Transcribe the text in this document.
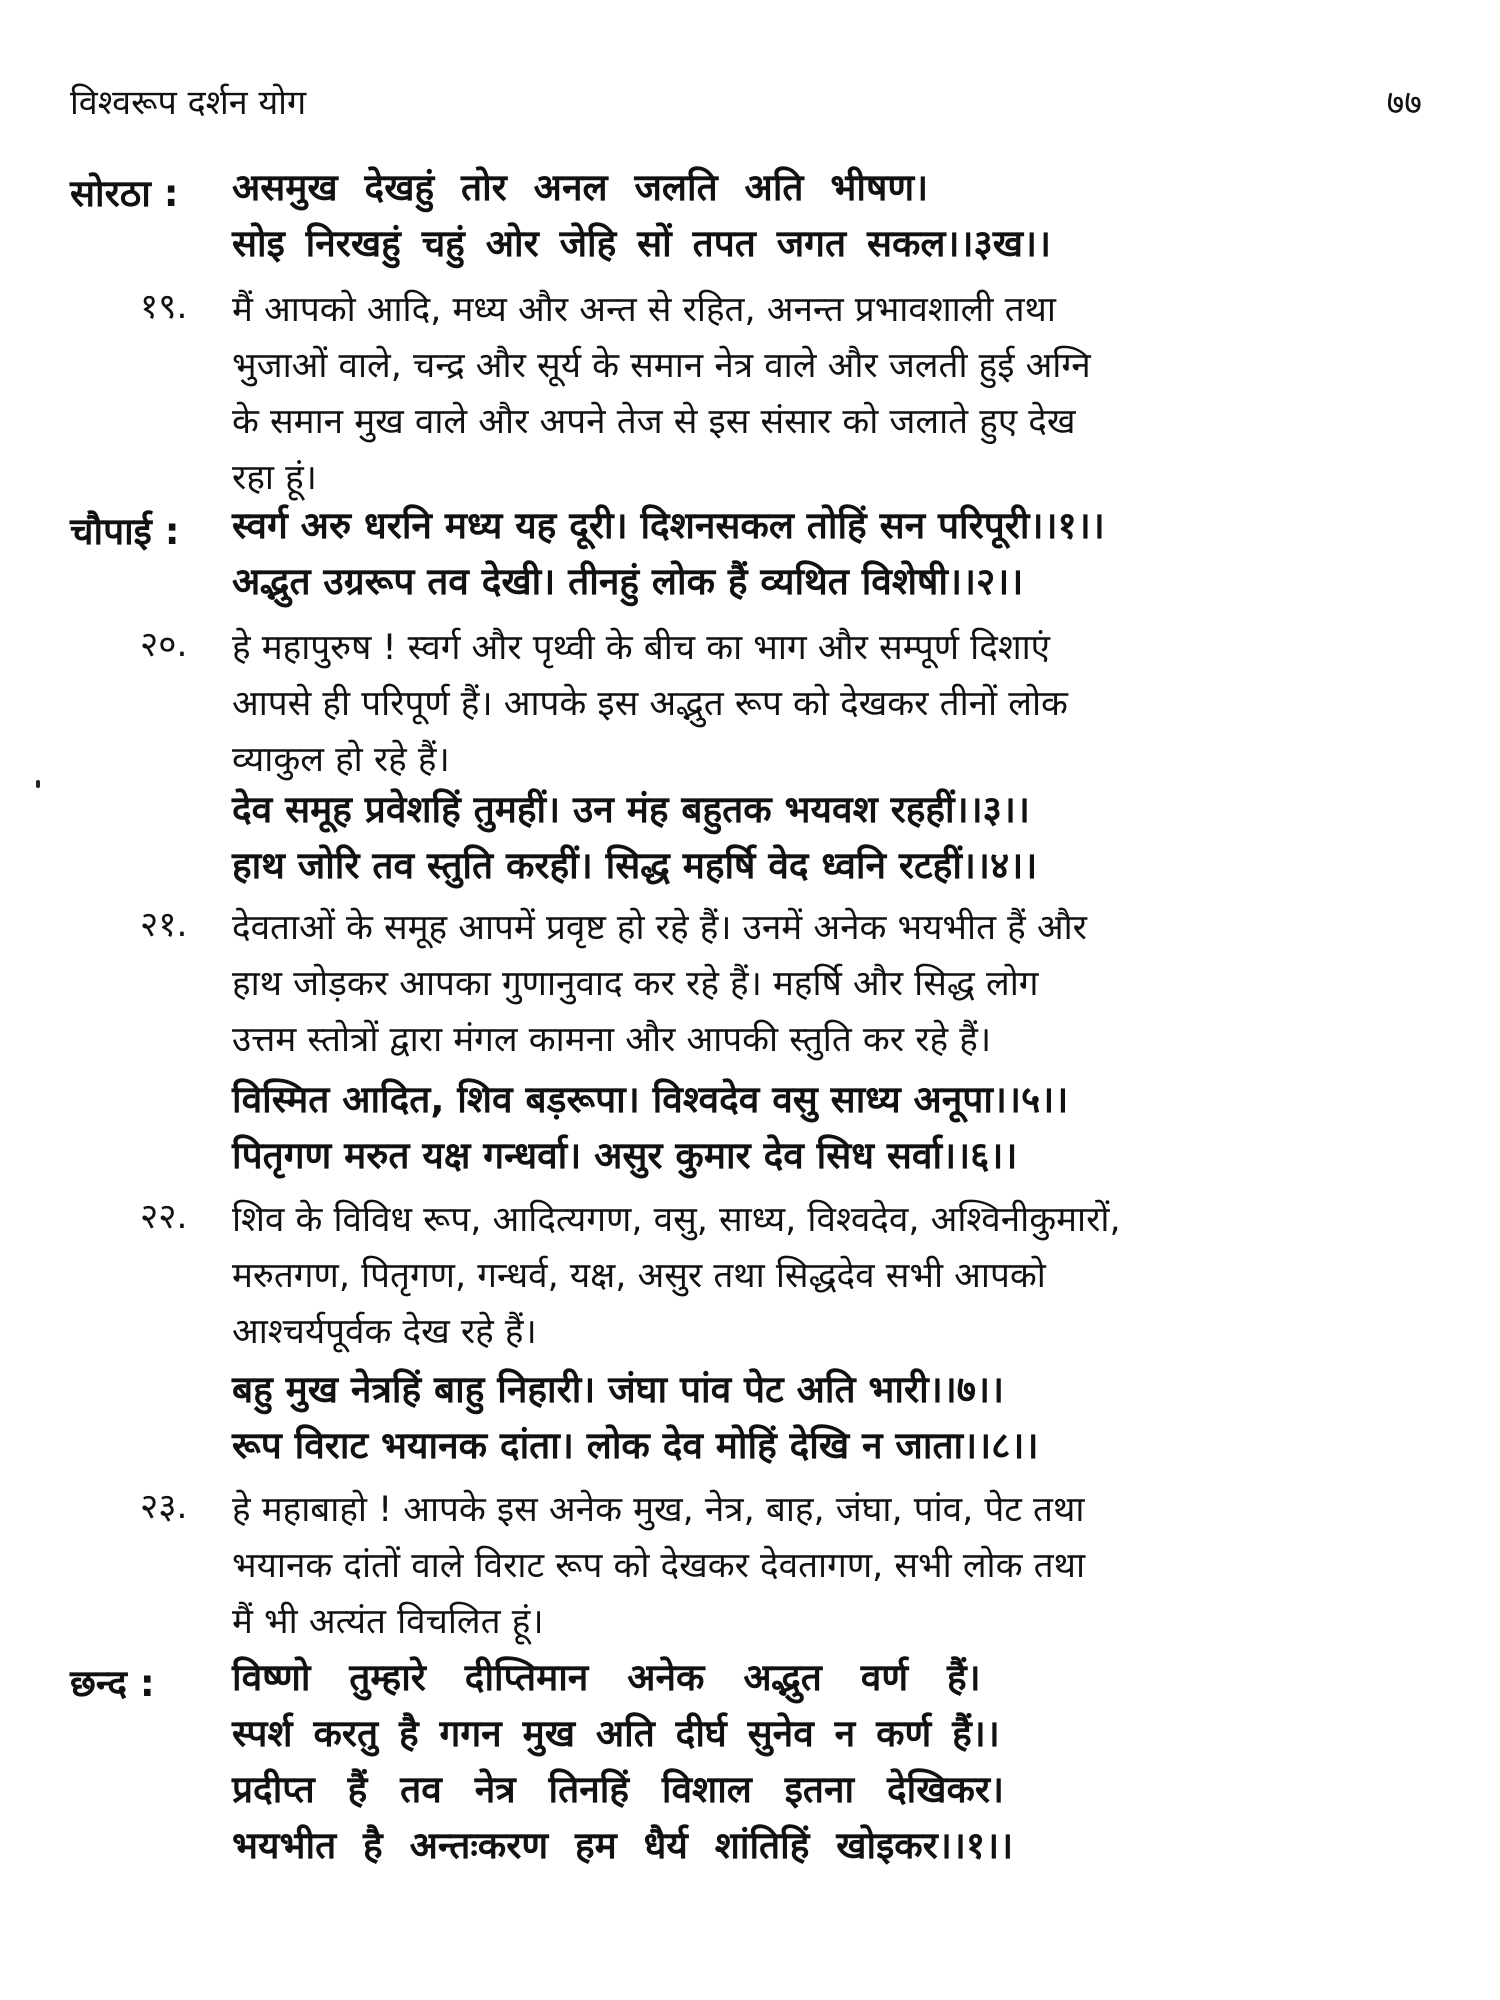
विश्वरूप दर्शन योग	७७
सोरठा : असमुख देखहुं तोर अनल जलति अति भीषण।
सोइ निरखहुं चहुं ओर जेहि सों तपत जगत सकल।।३ख।।
१९. मैं आपको आदि, मध्य और अन्त से रहित, अनन्त प्रभावशाली तथा
भुजाओं वाले, चन्द्र और सूर्य के समान नेत्र वाले और जलती हुई अग्नि
के समान मुख वाले और अपने तेज से इस संसार को जलाते हुए देख
रहा हूं।
चौपाई : स्वर्ग अरु धरनि मध्य यह दूरी। दिशनसकल तोहिं सन परिपूरी।।१।।
अद्भुत उग्ररूप तव देखी। तीनहुं लोक हैं व्यथित विशेषी।।२।।
२०. हे महापुरुष ! स्वर्ग और पृथ्वी के बीच का भाग और सम्पूर्ण दिशाएं
आपसे ही परिपूर्ण हैं। आपके इस अद्भुत रूप को देखकर तीनों लोक
व्याकुल हो रहे हैं।
देव समूह प्रवेशहिं तुमहीं। उन मंह बहुतक भयवश रहहीं।।३।।
हाथ जोरि तव स्तुति करहीं। सिद्ध महर्षि वेद ध्वनि रटहीं।।४।।
२१. देवताओं के समूह आपमें प्रवृष्ट हो रहे हैं। उनमें अनेक भयभीत हैं और
हाथ जोड़कर आपका गुणानुवाद कर रहे हैं। महर्षि और सिद्ध लोग
उत्तम स्तोत्रों द्वारा मंगल कामना और आपकी स्तुति कर रहे हैं।
विस्मित आदित, शिव बड़रूपा। विश्वदेव वसु साध्य अनूपा।।५।।
पितृगण मरुत यक्ष गन्धर्वा। असुर कुमार देव सिध सर्वा।।६।।
२२. शिव के विविध रूप, आदित्यगण, वसु, साध्य, विश्वदेव, अश्विनीकुमारों,
मरुतगण, पितृगण, गन्धर्व, यक्ष, असुर तथा सिद्धदेव सभी आपको
आश्चर्यपूर्वक देख रहे हैं।
बहु मुख नेत्रहिं बाहु निहारी। जंघा पांव पेट अति भारी।।७।।
रूप विराट भयानक दांता। लोक देव मोहिं देखि न जाता।।८।।
२३. हे महाबाहो ! आपके इस अनेक मुख, नेत्र, बाह, जंघा, पांव, पेट तथा
भयानक दांतों वाले विराट रूप को देखकर देवतागण, सभी लोक तथा
मैं भी अत्यंत विचलित हूं।
छन्द : विष्णो तुम्हारे दीप्तिमान अनेक अद्भुत वर्ण हैं।
स्पर्श करतु है गगन मुख अति दीर्घ सुनेव न कर्ण हैं।।
प्रदीप्त हैं तव नेत्र तिनहिं विशाल इतना देखिकर।
भयभीत है अन्तःकरण हम धैर्य शांतिहिं खोइकर।।१।।
